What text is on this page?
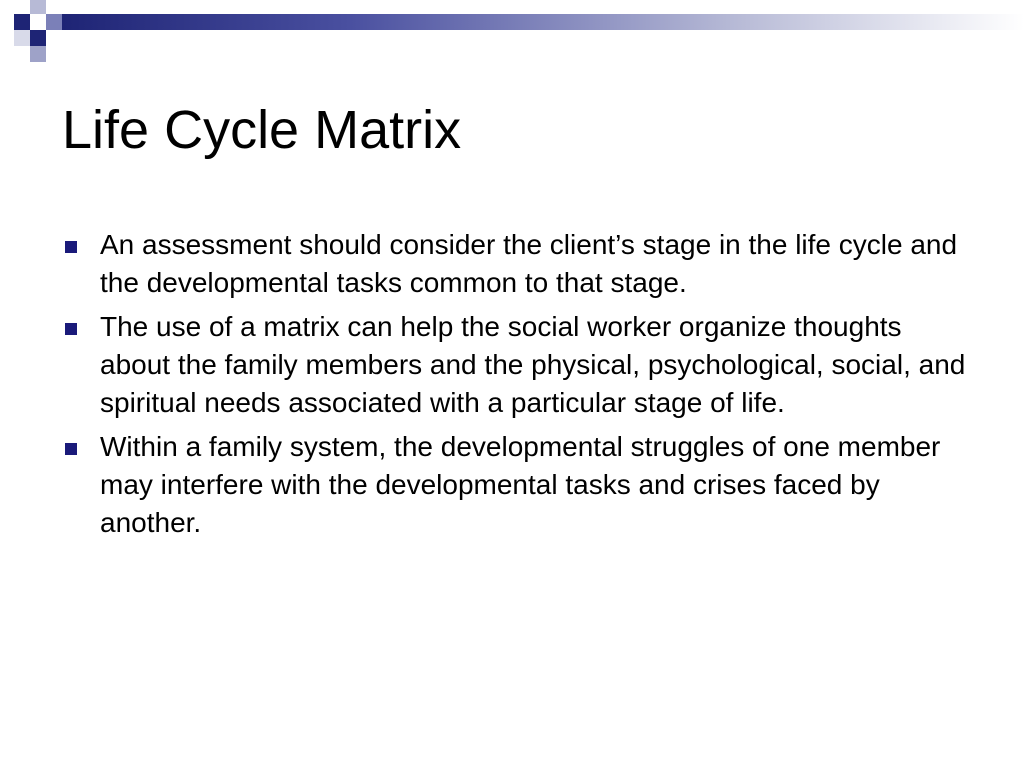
Life Cycle Matrix
An assessment should consider the client’s stage in the life cycle and the developmental tasks common to that stage.
The use of a matrix can help the social worker organize thoughts about the family members and the physical, psychological, social, and spiritual needs associated with a particular stage of life.
Within a family system, the developmental struggles of one member may interfere with the developmental tasks and crises faced by another.
